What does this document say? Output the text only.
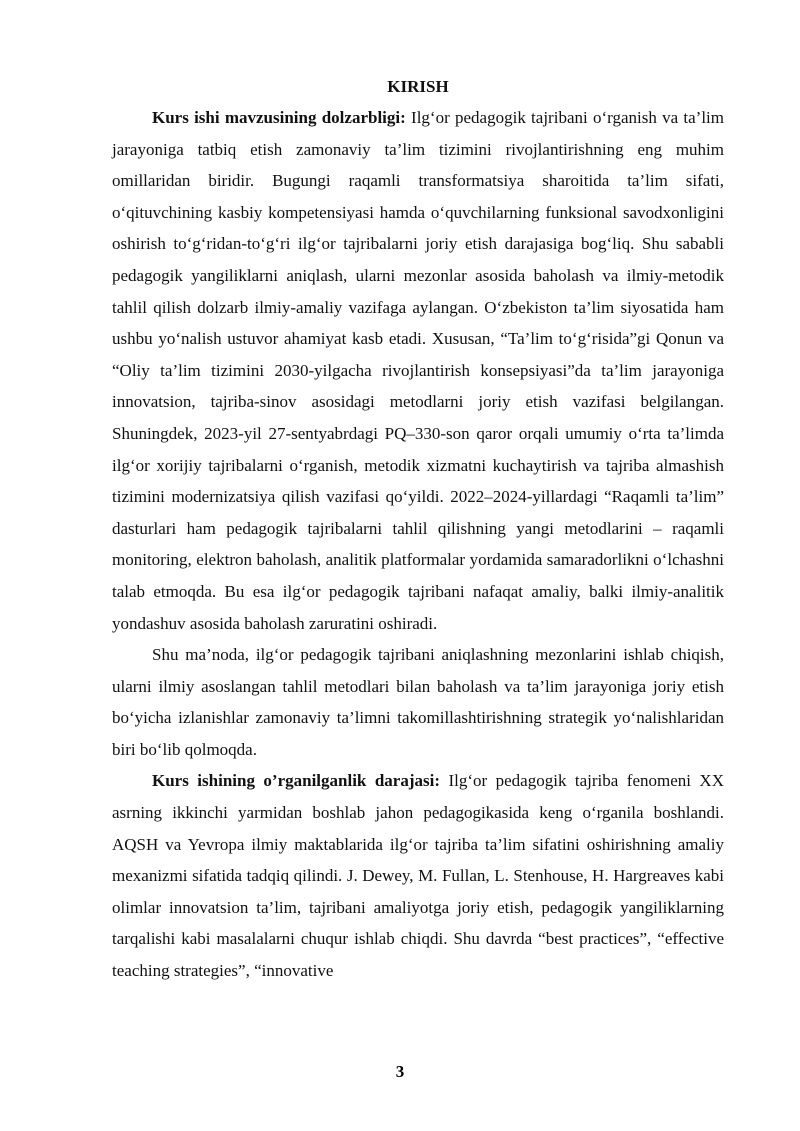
KIRISH

Kurs ishi mavzusining dolzarbligi: Ilg‘or pedagogik tajribani o‘rganish va ta’lim jarayoniga tatbiq etish zamonaviy ta’lim tizimini rivojlantirishning eng muhim omillaridan biridir. Bugungi raqamli transformatsiya sharoitida ta’lim sifati, o‘qituvchining kasbiy kompetensiyasi hamda o‘quvchilarning funksional savodxonligini oshirish to‘g‘ridan-to‘g‘ri ilg‘or tajribalarni joriy etish darajasiga bog‘liq. Shu sababli pedagogik yangiliklarni aniqlash, ularni mezonlar asosida baholash va ilmiy-metodik tahlil qilish dolzarb ilmiy-amaliy vazifaga aylangan. O‘zbekiston ta’lim siyosatida ham ushbu yo‘nalish ustuvor ahamiyat kasb etadi. Xususan, “Ta’lim to‘g‘risida”gi Qonun va “Oliy ta’lim tizimini 2030-yilgacha rivojlantirish konsepsiyasi”da ta’lim jarayoniga innovatsion, tajriba-sinov asosidagi metodlarni joriy etish vazifasi belgilangan. Shuningdek, 2023-yil 27-sentyabrdagi PQ–330-son qaror orqali umumiy o‘rta ta’limda ilg‘or xorijiy tajribalarni o‘rganish, metodik xizmatni kuchaytirish va tajriba almashish tizimini modernizatsiya qilish vazifasi qo‘yildi. 2022–2024-yillardagi “Raqamli ta’lim” dasturlari ham pedagogik tajribalarni tahlil qilishning yangi metodlarini – raqamli monitoring, elektron baholash, analitik platformalar yordamida samaradorlikni o‘lchashni talab etmoqda. Bu esa ilg‘or pedagogik tajribani nafaqat amaliy, balki ilmiy-analitik yondashuv asosida baholash zaruratini oshiradi.

Shu ma’noda, ilg‘or pedagogik tajribani aniqlashning mezonlarini ishlab chiqish, ularni ilmiy asoslangan tahlil metodlari bilan baholash va ta’lim jarayoniga joriy etish bo‘yicha izlanishlar zamonaviy ta’limni takomillashtirishning strategik yo‘nalishlaridan biri bo‘lib qolmoqda.

Kurs ishining o’rganilganlik darajasi: Ilg‘or pedagogik tajriba fenomeni XX asrning ikkinchi yarmidan boshlab jahon pedagogikasida keng o‘rganila boshlandi. AQSH va Yevropa ilmiy maktablarida ilg‘or tajriba ta’lim sifatini oshirishning amaliy mexanizmi sifatida tadqiq qilindi. J. Dewey, M. Fullan, L. Stenhouse, H. Hargreaves kabi olimlar innovatsion ta’lim, tajribani amaliyotga joriy etish, pedagogik yangiliklarning tarqalishi kabi masalalarni chuqur ishlab chiqdi. Shu davrda “best practices”, “effective teaching strategies”, “innovative

3
